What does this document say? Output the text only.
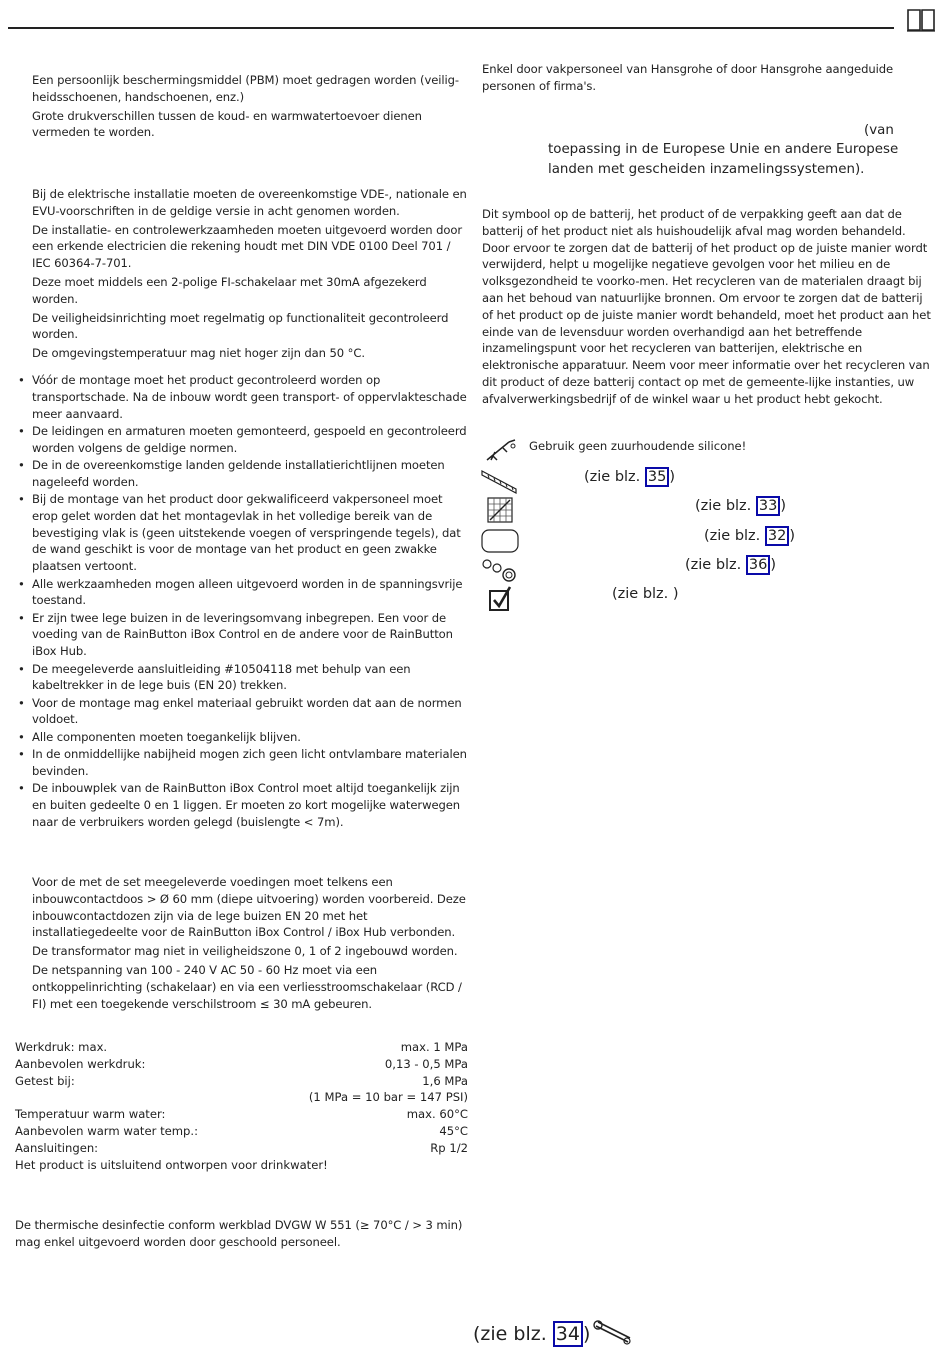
Een persoonlijk beschermingsmiddel (PBM) moet gedragen worden (veilig-heidsschoenen, handschoenen, enz.)

Grote drukverschillen tussen de koud- en warmwatertoevoer dienen vermeden te worden.

Bij de elektrische installatie moeten de overeenkomstige VDE-, nationale en EVU-voorschriften in de geldige versie in acht genomen worden.

De installatie- en controlewerkzaamheden moeten uitgevoerd worden door een erkende electricien die rekening houdt met DIN VDE 0100 Deel 701 / IEC 60364-7-701.

Deze moet middels een 2-polige FI-schakelaar met 30mA afgezekerd worden.

De veiligheidsinrichting moet regelmatig op functionaliteit gecontroleerd worden.

De omgevingstemperatuur mag niet hoger zijn dan 50 °C.

• Vóór de montage moet het product gecontroleerd worden op transportschade. Na de inbouw wordt geen transport- of oppervlakteschade meer aanvaard.
• De leidingen en armaturen moeten gemonteerd, gespoeld en gecontroleerd worden volgens de geldige normen.
• De in de overeenkomstige landen geldende installatierichtlijnen moeten nageleefd worden.
• Bij de montage van het product door gekwalificeerd vakpersoneel moet erop gelet worden dat het montagevlak in het volledige bereik van de bevestiging vlak is (geen uitstekende voegen of verspringende tegels), dat de wand geschikt is voor de montage van het product en geen zwakke plaatsen vertoont.
• Alle werkzaamheden mogen alleen uitgevoerd worden in de spanningsvrije toestand.
• Er zijn twee lege buizen in de leveringsomvang inbegrepen. Een voor de voeding van de RainButton iBox Control en de andere voor de RainButton iBox Hub.
• De meegeleverde aansluitleiding #10504118 met behulp van een kabeltrekker in de lege buis (EN 20) trekken.
• Voor de montage mag enkel materiaal gebruikt worden dat aan de normen voldoet.
• Alle componenten moeten toegankelijk blijven.
• In de onmiddellijke nabijheid mogen zich geen licht ontvlambare materialen bevinden.
• De inbouwplek van de RainButton iBox Control moet altijd toegankelijk zijn en buiten gedeelte 0 en 1 liggen. Er moeten zo kort mogelijke waterwegen naar de verbruikers worden gelegd (buislengte < 7m).

Voor de met de set meegeleverde voedingen moet telkens een inbouwcontactdoos > Ø 60 mm (diepe uitvoering) worden voorbereid. Deze inbouwcontactdozen zijn via de lege buizen EN 20 met het installatiegedeelte voor de RainButton iBox Control / iBox Hub verbonden.

De transformator mag niet in veiligheidszone 0, 1 of 2 ingebouwd worden.

De netspanning van 100 - 240 V AC 50 - 60 Hz moet via een ontkoppelinrichting (schakelaar) en via een verliesstroomschakelaar (RCD / FI) met een toegekende verschilstroom ≤ 30 mA gebeuren.

Werkdruk: max.	max. 1 MPa
Aanbevolen werkdruk:	0,13 - 0,5 MPa
Getest bij:	1,6 MPa
(1 MPa = 10 bar = 147 PSI)
Temperatuur warm water:	max. 60°C
Aanbevolen warm water temp.:	45°C
Aansluitingen:	Rp 1/2
Het product is uitsluitend ontworpen voor drinkwater!
De thermische desinfectie conform werkblad DVGW W 551 (≥ 70°C / > 3 min) mag enkel uitgevoerd worden door geschoold personeel.
Enkel door vakpersoneel van Hansgrohe of door Hansgrohe aangeduide personen of firma's.
(van
toepassing in de Europese Unie en andere Europese landen met gescheiden inzamelingssystemen).
Dit symbool op de batterij, het product of de verpakking geeft aan dat de batterij of het product niet als huishoudelijk afval mag worden behandeld. Door ervoor te zorgen dat de batterij of het product op de juiste manier wordt verwijderd, helpt u mogelijke negatieve gevolgen voor het milieu en de volksgezondheid te voorko-men. Het recycleren van de materialen draagt bij aan het behoud van natuurlijke bronnen. Om ervoor te zorgen dat de batterij of het product op de juiste manier wordt behandeld, moet het product aan het einde van de levensduur worden overhandigd aan het betreffende inzamelingspunt voor het recycleren van batterijen, elektrische en elektronische apparatuur. Neem voor meer informatie over het recycleren van dit product of deze batterij contact op met de gemeente-lijke instanties, uw afvalverwerkingsbedrijf of de winkel waar u het product hebt gekocht.
Gebruik geen zuurhoudende silicone!
(zie blz. 35 )
(zie blz. 33 )
(zie blz. 32 )
(zie blz. 36 )
(zie blz. )
(zie blz. 34 )
